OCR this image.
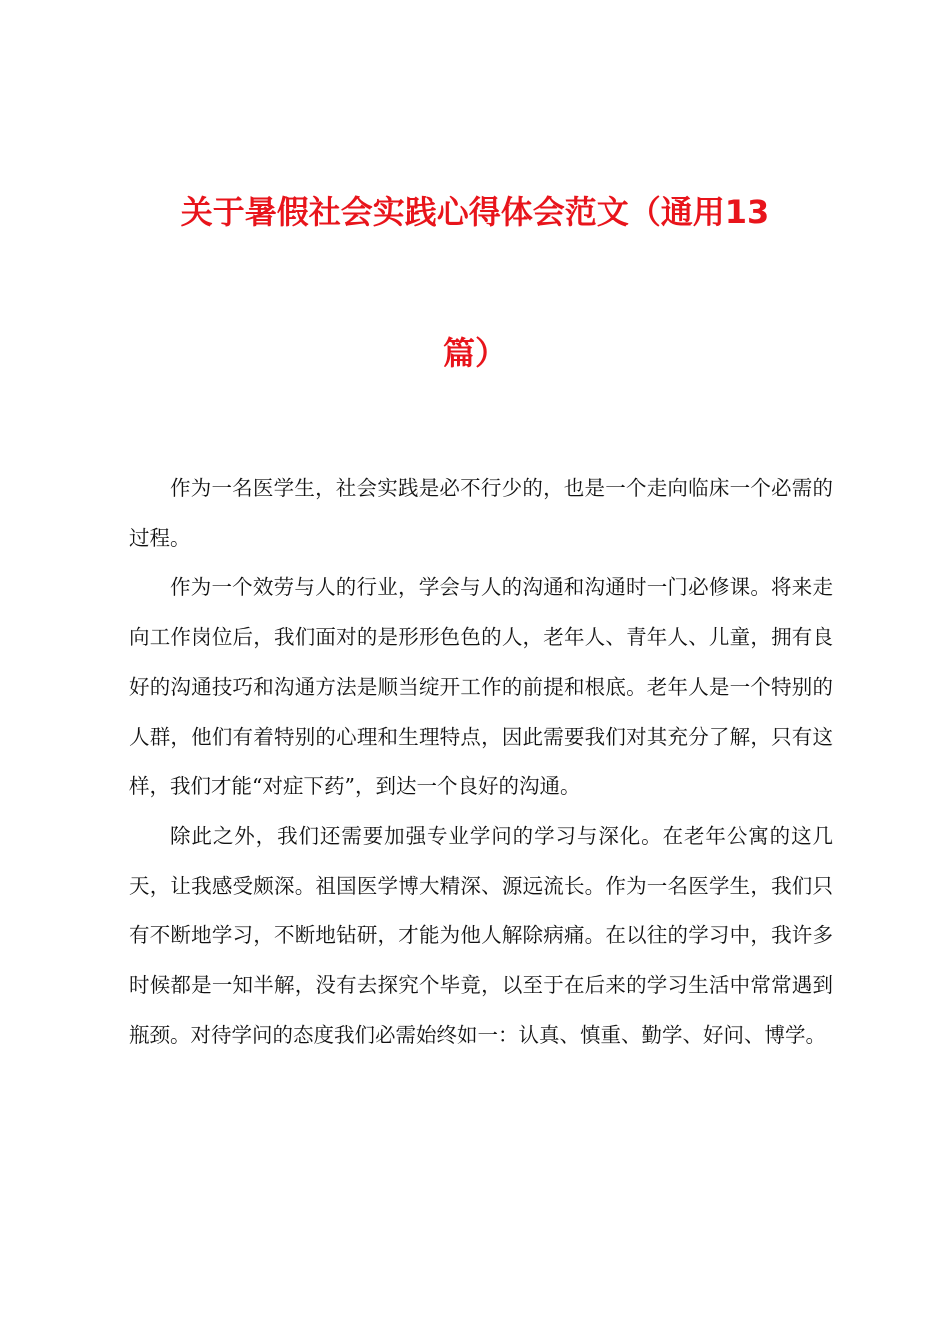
关于暑假社会实践心得体会范文（通用13
篇）

作为一名医学生，社会实践是必不行少的，也是一个走向临床一个必需的过程。

作为一个效劳与人的行业，学会与人的沟通和沟通时一门必修课。将来走向工作岗位后，我们面对的是形形色色的人，老年人、青年人、儿童，拥有良好的沟通技巧和沟通方法是顺当绽开工作的前提和根底。老年人是一个特别的人群，他们有着特别的心理和生理特点，因此需要我们对其充分了解，只有这样，我们才能“对症下药”，到达一个良好的沟通。

除此之外，我们还需要加强专业学问的学习与深化。在老年公寓的这几天，让我感受颇深。祖国医学博大精深、源远流长。作为一名医学生，我们只有不断地学习，不断地钻研，才能为他人解除病痛。在以往的学习中，我许多时候都是一知半解，没有去探究个毕竟，以至于在后来的学习生活中常常遇到瓶颈。对待学问的态度我们必需始终如一：认真、慎重、勤学、好问、博学。
